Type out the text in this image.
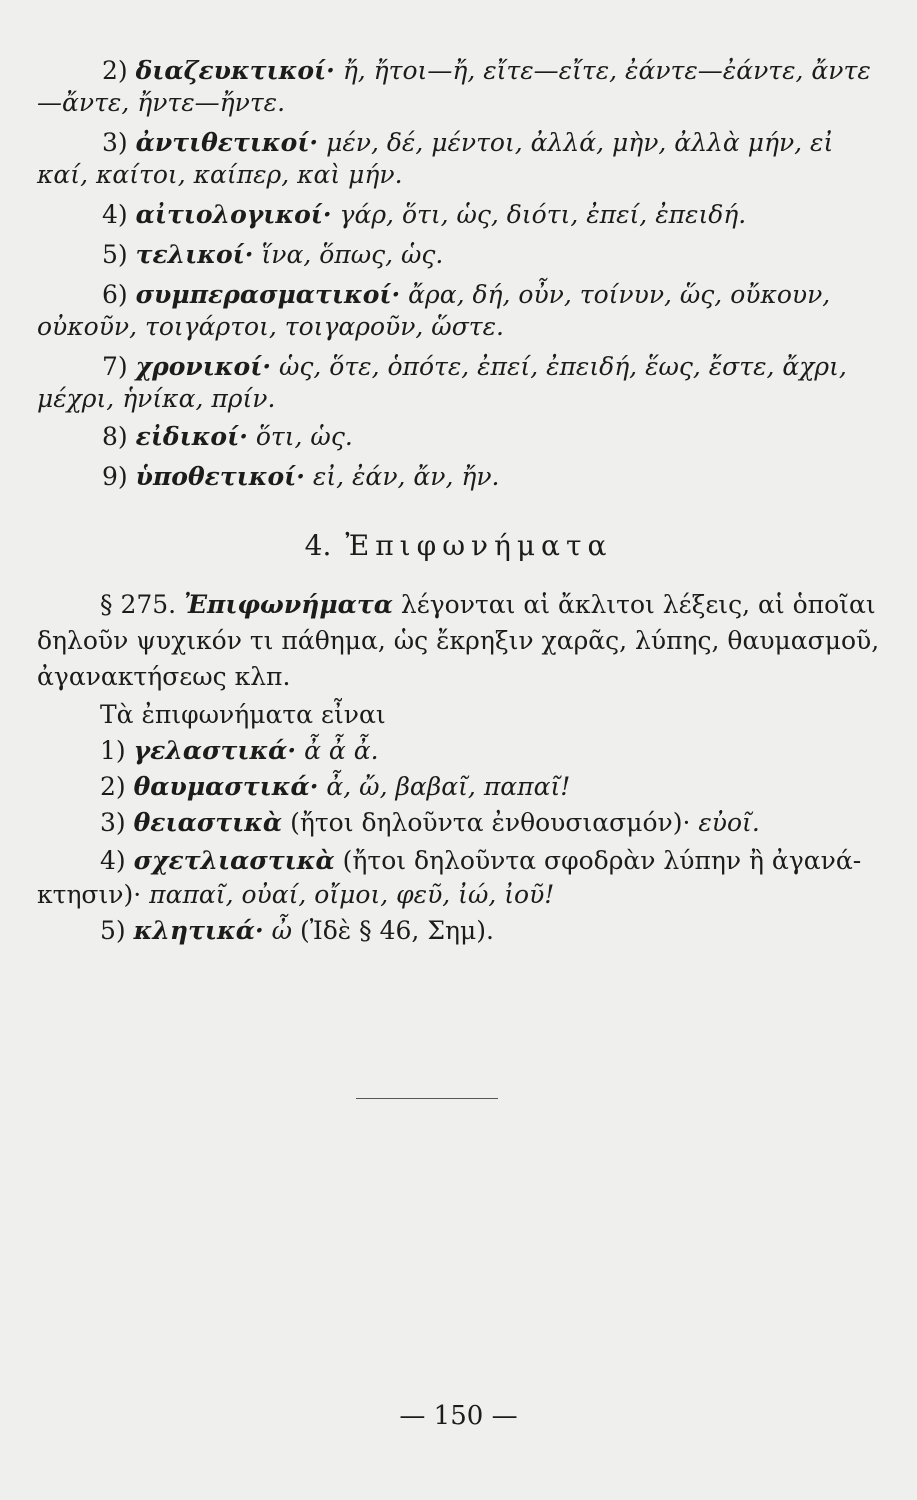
2) διαζευκτικοί· ἤ, ἤτοι—ἤ, εἴτε—εἴτε, ἐάντε—ἐάντε, ἄντε
—ἄντε, ἤντε—ἤντε.
3) ἀντιθετικοί· μέν, δέ, μέντοι, ἀλλά, μὴν, ἀλλὰ μήν, εἰ
καί, καίτοι, καίπερ, καὶ μήν.
4) αἰτιολογικοί· γάρ, ὅτι, ὡς, διότι, ἐπεί, ἐπειδή.
5) τελικοί· ἵνα, ὅπως, ὡς.
6) συμπερασματικοί· ἄρα, δή, οὖν, τοίνυν, ὥς, οὔκουν,
οὐκοῦν, τοιγάρτοι, τοιγαροῦν, ὥστε.
7) χρονικοί· ὡς, ὅτε, ὁπότε, ἐπεί, ἐπειδή, ἕως, ἔστε, ἄχρι,
μέχρι, ἡνίκα, πρίν.
8) εἰδικοί· ὅτι, ὡς.
9) ὑποθετικοί· εἰ, ἐάν, ἄν, ἤν.
4. Ἐπιφωνήματα
§ 275. Ἐπιφωνήματα λέγονται αἱ ἄκλιτοι λέξεις, αἱ ὁποῖαι
δηλοῦν ψυχικόν τι πάθημα, ὡς ἔκρηξιν χαρᾶς, λύπης, θαυμασμοῦ,
ἀγανακτήσεως κλπ.
Τὰ ἐπιφωνήματα εἶναι
1) γελαστικά· ἆ ἆ ἆ.
2) θαυμαστικά· ἆ, ὤ, βαβαῖ, παπαῖ!
3) θειαστικὰ (ἤτοι δηλοῦντα ἐνθουσιασμόν)· εὐοῖ.
4) σχετλιαστικὰ (ἤτοι δηλοῦντα σφοδρὰν λύπην ἢ ἀγανά-
κτησιν)· παπαῖ, οὐαί, οἴμοι, φεῦ, ἰώ, ἰοῦ!
5) κλητικά· ὦ (Ἰδὲ § 46, Σημ).
— 150 —
